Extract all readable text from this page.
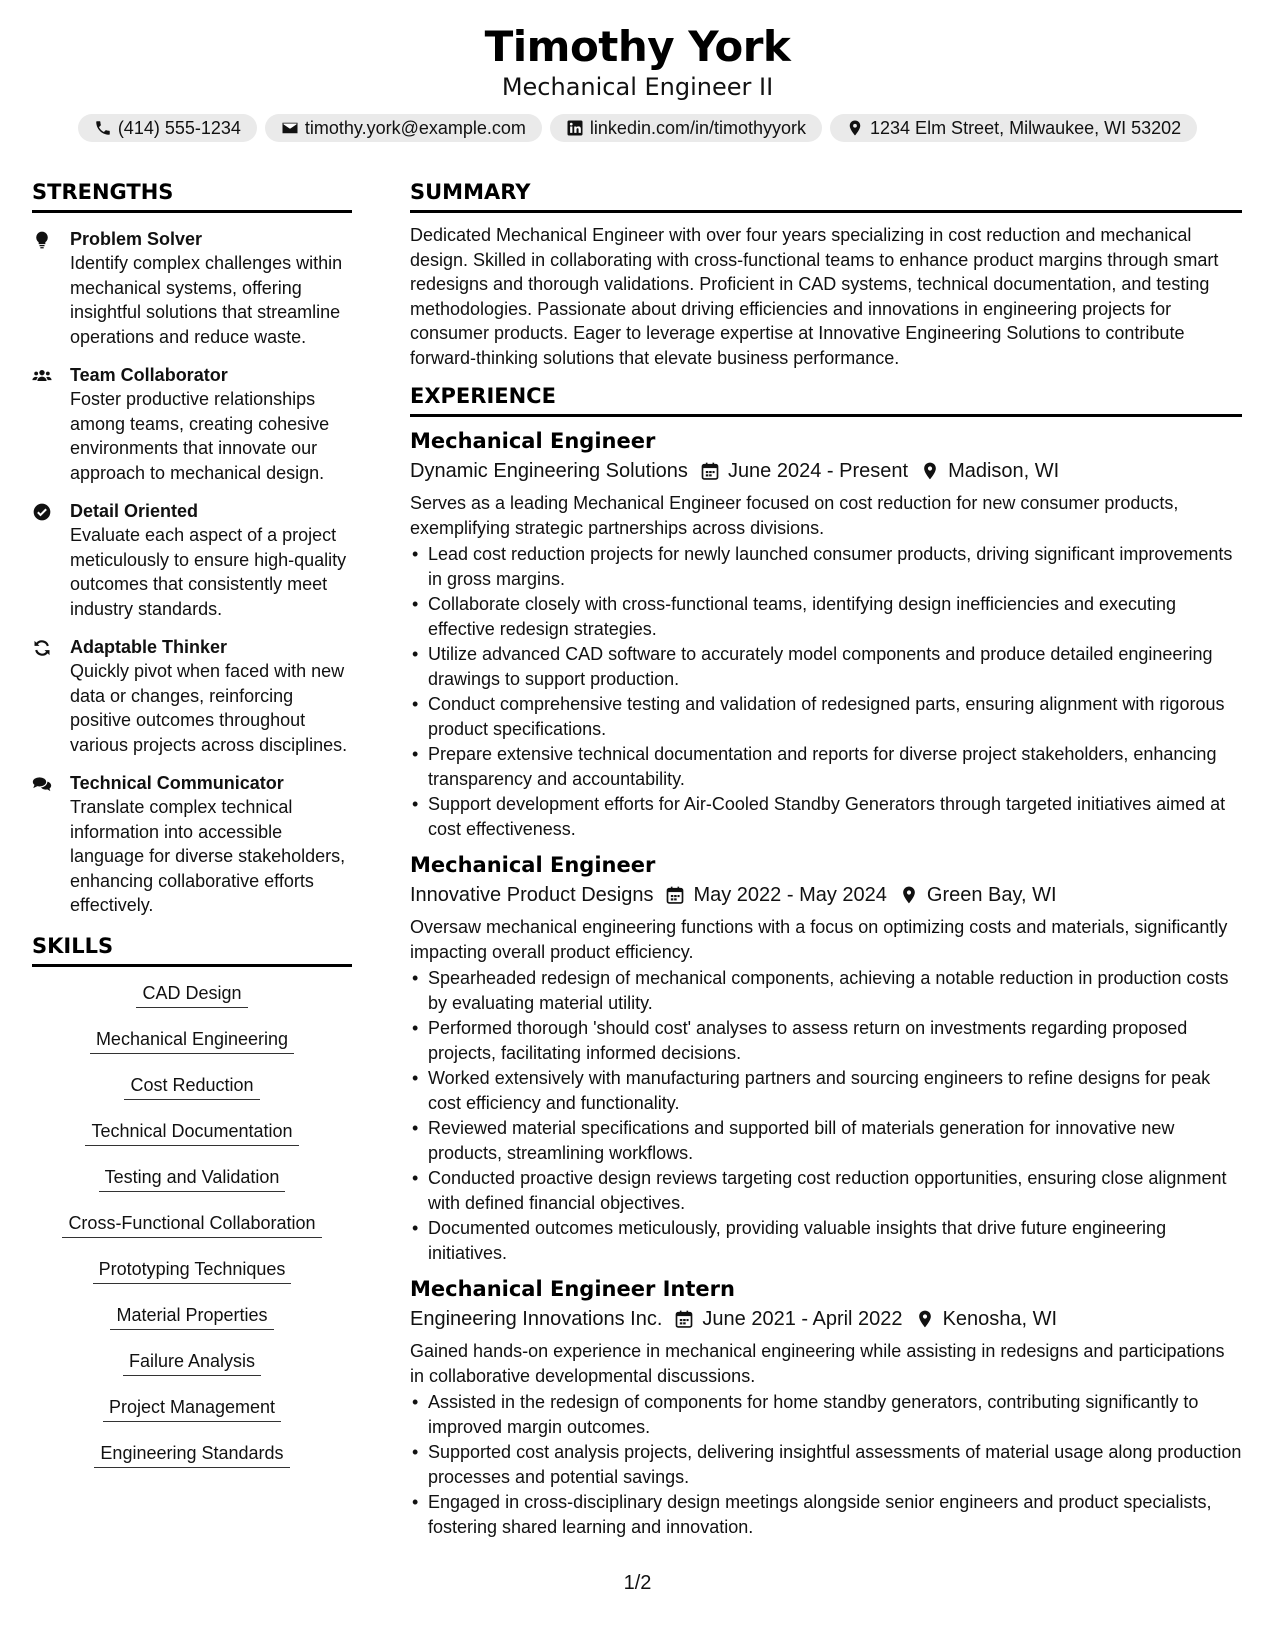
Timothy York
Mechanical Engineer II
(414) 555-1234	timothy.york@example.com	linkedin.com/in/timothyyork	1234 Elm Street, Milwaukee, WI 53202
STRENGTHS
Problem Solver
Identify complex challenges within mechanical systems, offering insightful solutions that streamline operations and reduce waste.
Team Collaborator
Foster productive relationships among teams, creating cohesive environments that innovate our approach to mechanical design.
Detail Oriented
Evaluate each aspect of a project meticulously to ensure high-quality outcomes that consistently meet industry standards.
Adaptable Thinker
Quickly pivot when faced with new data or changes, reinforcing positive outcomes throughout various projects across disciplines.
Technical Communicator
Translate complex technical information into accessible language for diverse stakeholders, enhancing collaborative efforts effectively.
SKILLS
CAD Design
Mechanical Engineering
Cost Reduction
Technical Documentation
Testing and Validation
Cross-Functional Collaboration
Prototyping Techniques
Material Properties
Failure Analysis
Project Management
Engineering Standards
SUMMARY
Dedicated Mechanical Engineer with over four years specializing in cost reduction and mechanical design. Skilled in collaborating with cross-functional teams to enhance product margins through smart redesigns and thorough validations. Proficient in CAD systems, technical documentation, and testing methodologies. Passionate about driving efficiencies and innovations in engineering projects for consumer products. Eager to leverage expertise at Innovative Engineering Solutions to contribute forward-thinking solutions that elevate business performance.
EXPERIENCE
Mechanical Engineer
Dynamic Engineering Solutions June 2024 - Present Madison, WI
Serves as a leading Mechanical Engineer focused on cost reduction for new consumer products, exemplifying strategic partnerships across divisions.
• Lead cost reduction projects for newly launched consumer products, driving significant improvements in gross margins.
• Collaborate closely with cross-functional teams, identifying design inefficiencies and executing effective redesign strategies.
• Utilize advanced CAD software to accurately model components and produce detailed engineering drawings to support production.
• Conduct comprehensive testing and validation of redesigned parts, ensuring alignment with rigorous product specifications.
• Prepare extensive technical documentation and reports for diverse project stakeholders, enhancing transparency and accountability.
• Support development efforts for Air-Cooled Standby Generators through targeted initiatives aimed at cost effectiveness.
Mechanical Engineer
Innovative Product Designs May 2022 - May 2024 Green Bay, WI
Oversaw mechanical engineering functions with a focus on optimizing costs and materials, significantly impacting overall product efficiency.
• Spearheaded redesign of mechanical components, achieving a notable reduction in production costs by evaluating material utility.
• Performed thorough 'should cost' analyses to assess return on investments regarding proposed projects, facilitating informed decisions.
• Worked extensively with manufacturing partners and sourcing engineers to refine designs for peak cost efficiency and functionality.
• Reviewed material specifications and supported bill of materials generation for innovative new products, streamlining workflows.
• Conducted proactive design reviews targeting cost reduction opportunities, ensuring close alignment with defined financial objectives.
• Documented outcomes meticulously, providing valuable insights that drive future engineering initiatives.
Mechanical Engineer Intern
Engineering Innovations Inc. June 2021 - April 2022 Kenosha, WI
Gained hands-on experience in mechanical engineering while assisting in redesigns and participations in collaborative developmental discussions.
• Assisted in the redesign of components for home standby generators, contributing significantly to improved margin outcomes.
• Supported cost analysis projects, delivering insightful assessments of material usage along production processes and potential savings.
• Engaged in cross-disciplinary design meetings alongside senior engineers and product specialists, fostering shared learning and innovation.
1/2
